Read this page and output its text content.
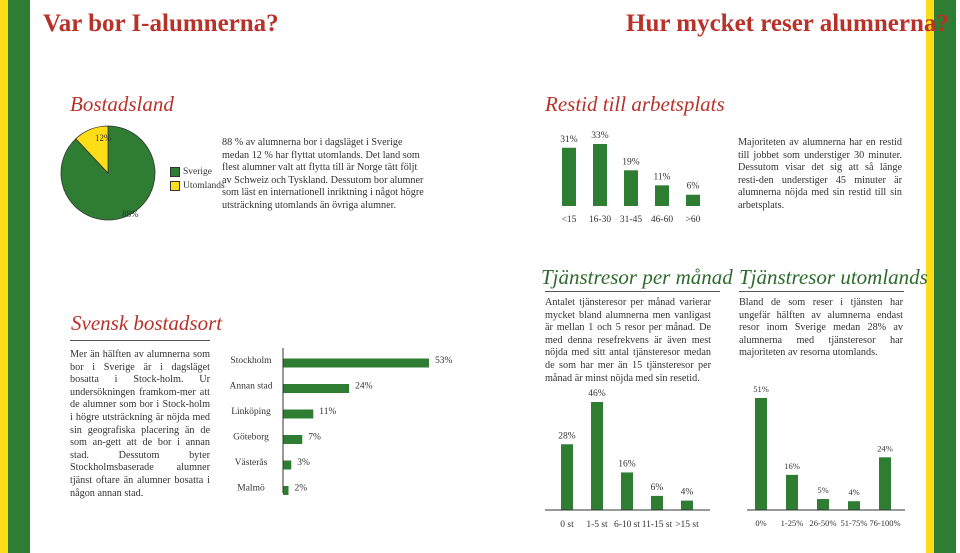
Var bor I-alumnerna?	Hur mycket reser alumnerna?
Bostadsland	Restid till arbetsplats
Svensk bostadsort
Tjänstresor per månad Tjänstresor utomlands
12%
88%
Sverige
Utomlands
88 % av alumnerna bor i dagsläget i Sverige medan 12 % har flyttat utomlands. Det land som flest alumner valt att flytta till är Norge tätt följt av Schweiz och Tyskland. Dessutom bor alumner som läst en internationell inriktning i något högre utsträckning utomlands än övriga alumner.
31%
<15
33%
16-30
19%
31-45
11%
46-60
6%
>60
Majoriteten av alumnerna har en restid till jobbet som understiger 30 minuter. Dessutom visar det sig att så länge resti-den understiger 45 minuter är alumnerna nöjda med sin restid till sin arbetsplats.
Mer än hälften av alumnerna som bor i Sverige är i dagsläget bosatta i Stock-holm. Ur undersökningen framkom-mer att de alumner som bor i Stock-holm i högre utsträckning är nöjda med sin geografiska placering än de som an-gett att de bor i annan stad. Dessutom byter Stockholmsbaserade alumner tjänst oftare än alumner bosatta i någon annan stad.
Stockholm	53%
Annan stad	24%
Linköping	11%
Göteborg	7%
Västerås	3%
Malmö	2%
Antalet tjänsteresor per månad varierar mycket bland alumnerna men vanligast är mellan 1 och 5 resor per månad. De med denna resefrekvens är även mest nöjda med sitt antal tjänsteresor medan de som har mer än 15 tjänsteresor per månad är minst nöjda med sin resetid.
28%
0 st
46%
1-5 st
16%
6-10 st
6%
11-15 st
4%
>15 st
Bland de som reser i tjänsten har ungefär hälften av alumnerna endast resor inom Sverige medan 28% av alumnerna med tjänsteresor har majoriteten av resorna utomlands.
51%
0%
16%
1-25%
5%
26-50%
4%
51-75%
24%
76-100%
